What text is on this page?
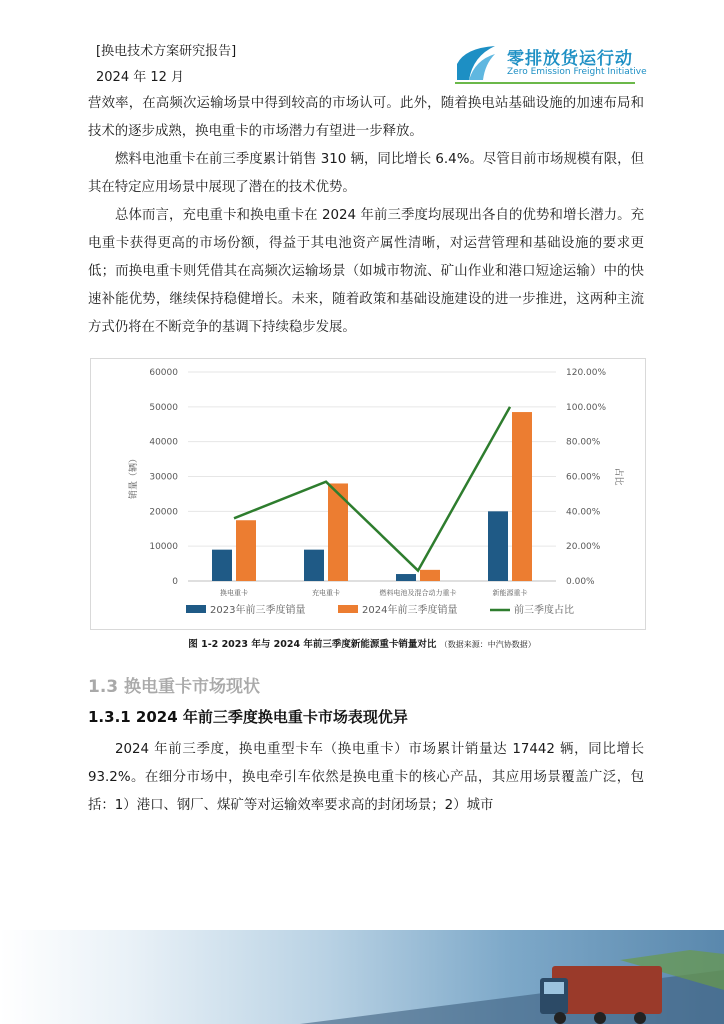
[换电技术方案研究报告]
2024 年 12 月
零排放货运行动
Zero Emission Freight Initiative

营效率，在高频次运输场景中得到较高的市场认可。此外，随着换电站基础设施的加速布局和技术的逐步成熟，换电重卡的市场潜力有望进一步释放。

燃料电池重卡在前三季度累计销售 310 辆，同比增长 6.4%。尽管目前市场规模有限，但其在特定应用场景中展现了潜在的技术优势。

总体而言，充电重卡和换电重卡在 2024 年前三季度均展现出各自的优势和增长潜力。充电重卡获得更高的市场份额，得益于其电池资产属性清晰，对运营管理和基础设施的要求更低；而换电重卡则凭借其在高频次运输场景（如城市物流、矿山作业和港口短途运输）中的快速补能优势，继续保持稳健增长。未来，随着政策和基础设施建设的进一步推进，这两种主流方式仍将在不断竞争的基调下持续稳步发展。

0
10000
20000
30000
40000
50000
60000
0.00%
20.00%
40.00%
60.00%
80.00%
100.00%
120.00%
销量（辆）	占比
换电重卡	充电重卡	燃料电池及混合动力重卡	新能源重卡
2023年前三季度销量	2024年前三季度销量	前三季度占比
图 1-2 2023 年与 2024 年前三季度新能源重卡销量对比 （数据来源：中汽协数据）
1.3 换电重卡市场现状
1.3.1 2024 年前三季度换电重卡市场表现优异

2024 年前三季度，换电重型卡车（换电重卡）市场累计销量达 17442 辆，同比增长 93.2%。在细分市场中，换电牵引车依然是换电重卡的核心产品，其应用场景覆盖广泛，包括：1）港口、钢厂、煤矿等对运输效率要求高的封闭场景；2）城市
